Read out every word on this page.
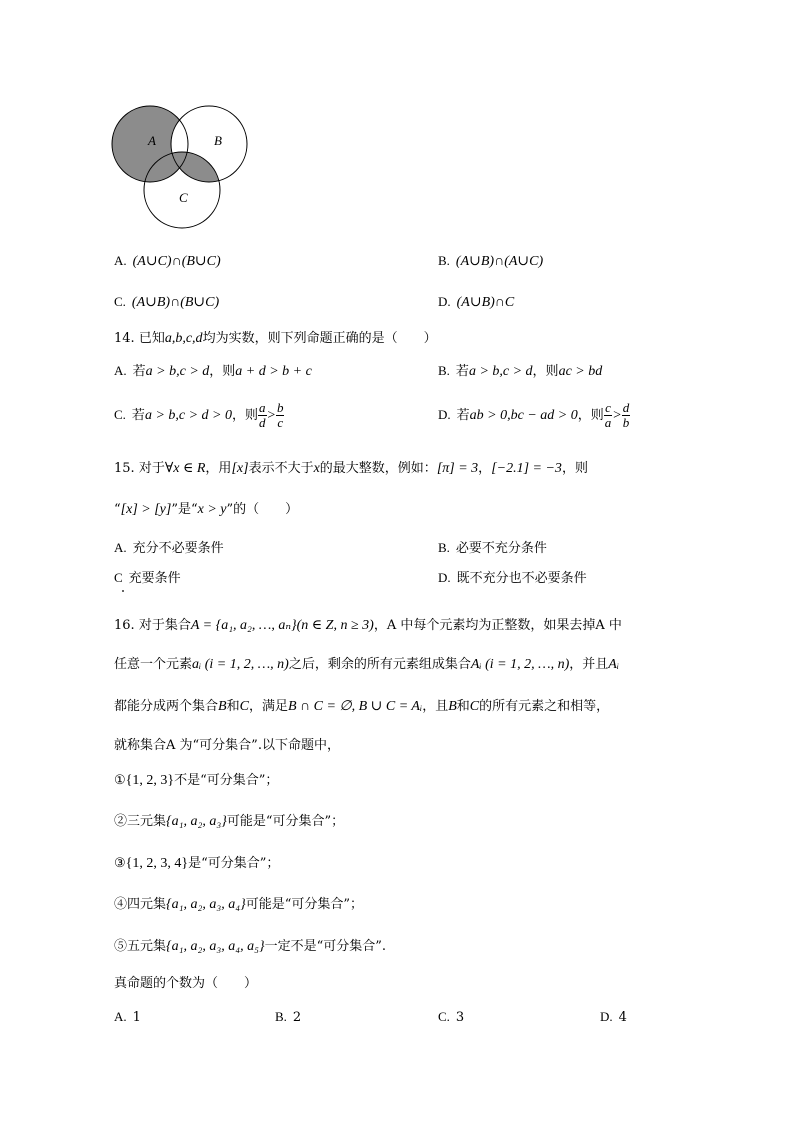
A	B
C
A. (A∪C)∩(B∪C)	B. (A∪B)∩(A∪C)
C. (A∪B)∩(B∪C)	D. (A∪B)∩C
14. 已知a,b,c,d均为实数，则下列命题正确的是（　　）
A. 若a > b,c > d，则a + d > b + c	B. 若a > b,c > d，则ac > bd
C. 若a > b,c > d > 0，则 $\frac{a}{d} > \frac{b}{c}$	D. 若ab > 0,bc − ad > 0，则 $\frac{c}{a} > \frac{d}{b}$
15. 对于∀x ∈ R，用[x]表示不大于x的最大整数，例如：[π] = 3，[−2.1] = −3，则
“[x] > [y]”是“x > y”的（　　）
A. 充分不必要条件	B. 必要不充分条件
C 充要条件	D. 既不充分也不必要条件
16. 对于集合A = {a₁, a₂, …, aₙ}(n ∈ Z, n ≥ 3)，A 中每个元素均为正整数，如果去掉A 中
任意一个元素aᵢ (i = 1, 2, …, n)之后，剩余的所有元素组成集合Aᵢ (i = 1, 2, …, n)，并且Aᵢ
都能分成两个集合B和C，满足B ∩ C = ∅, B ∪ C = Aᵢ，且B和C的所有元素之和相等，
就称集合A 为“可分集合”.以下命题中，
①{1, 2, 3}不是“可分集合”；
②三元集{a₁, a₂, a₃}可能是“可分集合”；
③{1, 2, 3, 4}是“可分集合”；
④四元集{a₁, a₂, a₃, a₄}可能是“可分集合”；
⑤五元集{a₁, a₂, a₃, a₄, a₅}一定不是“可分集合”.
真命题的个数为（　　）
A. 1	B. 2	C. 3	D. 4
